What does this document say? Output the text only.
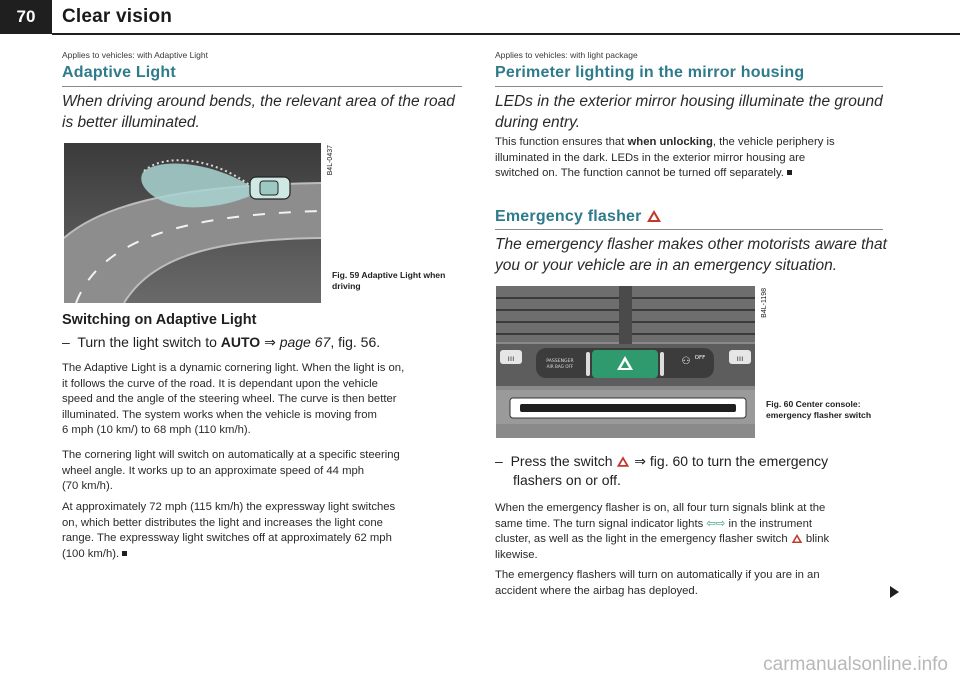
70	Clear vision
Applies to vehicles: with Adaptive Light
Adaptive Light
When driving around bends, the relevant area of the road is better illuminated.
B4L-0437
Fig. 59 Adaptive Light when driving
Switching on Adaptive Light
– Turn the light switch to AUTO ⇒ page 67, fig. 56.
The Adaptive Light is a dynamic cornering light. When the light is on,
it follows the curve of the road. It is dependant upon the vehicle
speed and the angle of the steering wheel. The curve is then better
illuminated. The system works when the vehicle is moving from
6 mph (10 km/) to 68 mph (110 km/h).
The cornering light will switch on automatically at a specific steering
wheel angle. It works up to an approximate speed of 44 mph
(70 km/h).
At approximately 72 mph (115 km/h) the expressway light switches
on, which better distributes the light and increases the light cone
range. The expressway light switches off at approximately 62 mph
(100 km/h).
Applies to vehicles: with light package
Perimeter lighting in the mirror housing
LEDs in the exterior mirror housing illuminate the ground during entry.
This function ensures that when unlocking, the vehicle periphery is
illuminated in the dark. LEDs in the exterior mirror housing are
switched on. The function cannot be turned off separately.
Emergency flasher
The emergency flasher makes other motorists aware that you or your vehicle are in an emergency situation.
ııı	ııı
PASSENGER
AIR BAG OFF	⚇ OFF
B4L-1198
Fig. 60 Center console: emergency flasher switch
– Press the switch  ⇒ fig. 60 to turn the emergency
flashers on or off.
When the emergency flasher is on, all four turn signals blink at the
same time. The turn signal indicator lights ⇦⇨ in the instrument
cluster, as well as the light in the emergency flasher switch  blink
likewise.
The emergency flashers will turn on automatically if you are in an
accident where the airbag has deployed.
carmanualsonline.info
